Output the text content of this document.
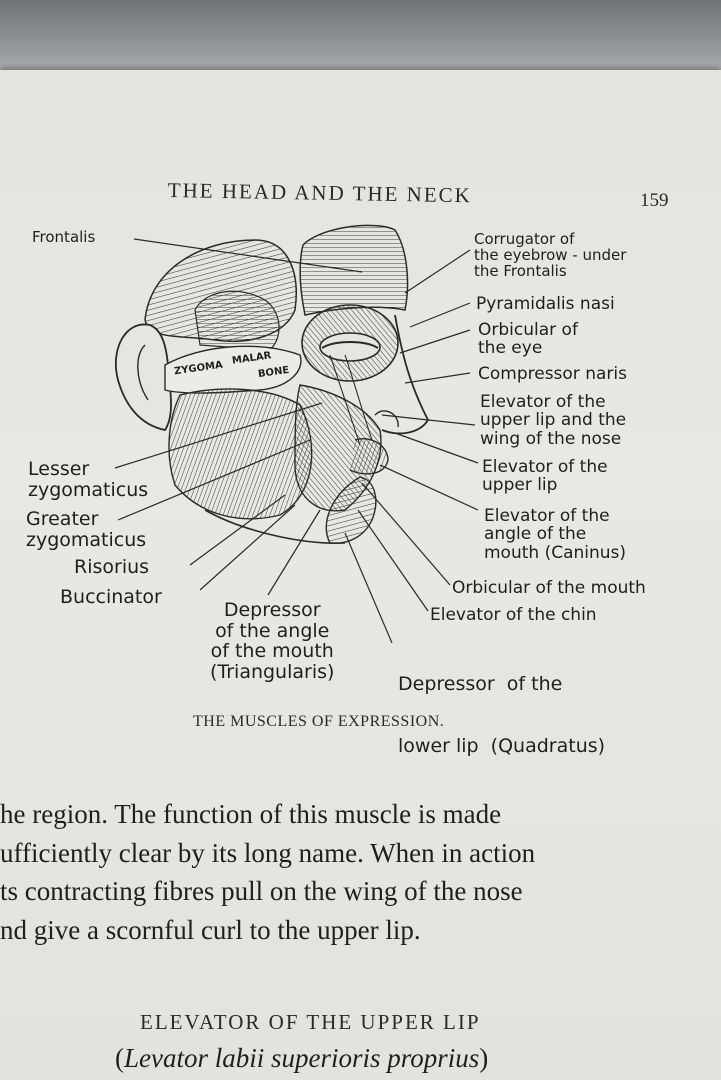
THE HEAD AND THE NECK	159
ZYGOMA
MALAR
BONE
Frontalis	Corrugator of
the eyebrow - under
the Frontalis
Pyramidalis nasi
Orbicular of
the eye
Compressor naris
Elevator of the
upper lip and the
wing of the nose
Elevator of the
upper lip
Elevator of the
angle of the
mouth (Caninus)
Orbicular of the mouth
Elevator of the chin

Depressor  of the

lower lip  (Quadratus)

Lesser
zygomaticus
Greater
zygomaticus
Risorius
Buccinator
Depressor
of the angle
of the mouth
(Triangularis)
THE MUSCLES OF EXPRESSION.
he region. The function of this muscle is made
ufficiently clear by its long name. When in action
ts contracting fibres pull on the wing of the nose
nd give a scornful curl to the upper lip.
ELEVATOR OF THE UPPER LIP
(Levator labii superioris proprius)
